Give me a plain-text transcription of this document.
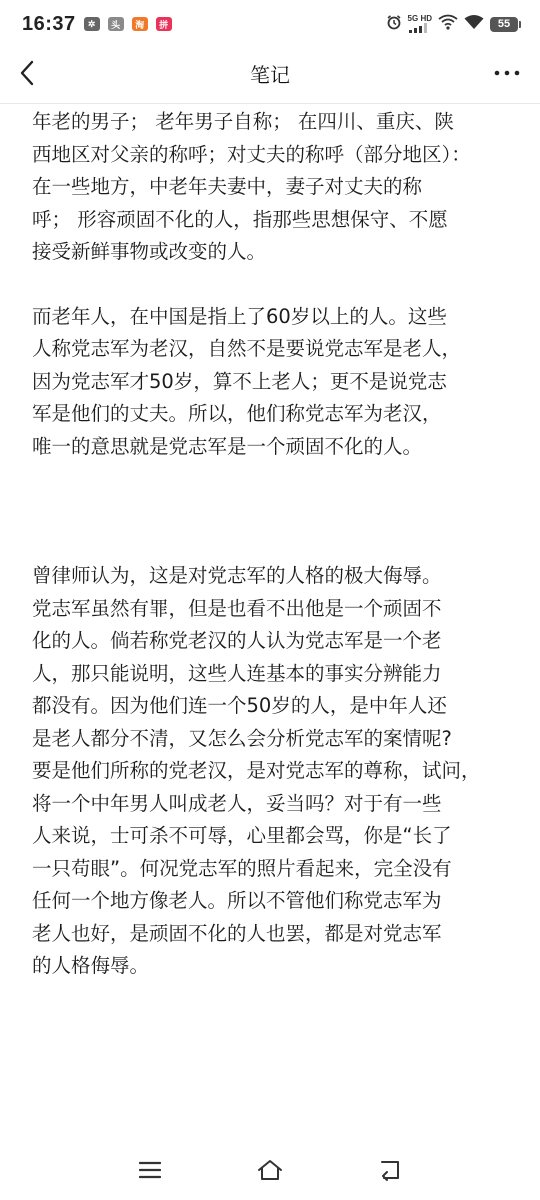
16:37	✲	头	淘	拼
5G HD	55
笔记

年老的男子； 老年男子自称； 在四川、重庆、陕
西地区对父亲的称呼；对丈夫的称呼（部分地区）：
在一些地方，中老年夫妻中，妻子对丈夫的称
呼； 形容顽固不化的人，指那些思想保守、不愿
接受新鲜事物或改变的人。

而老年人，在中国是指上了60岁以上的人。这些
人称党志军为老汉，自然不是要说党志军是老人，
因为党志军才50岁，算不上老人；更不是说党志
军是他们的丈夫。所以，他们称党志军为老汉，
唯一的意思就是党志军是一个顽固不化的人。

曾律师认为，这是对党志军的人格的极大侮辱。
党志军虽然有罪，但是也看不出他是一个顽固不
化的人。倘若称党老汉的人认为党志军是一个老
人，那只能说明，这些人连基本的事实分辨能力
都没有。因为他们连一个50岁的人，是中年人还
是老人都分不清，又怎么会分析党志军的案情呢?
要是他们所称的党老汉，是对党志军的尊称，试问，
将一个中年男人叫成老人，妥当吗？对于有一些
人来说，士可杀不可辱，心里都会骂，你是“长了
一只苟眼”。何况党志军的照片看起来，完全没有
任何一个地方像老人。所以不管他们称党志军为
老人也好，是顽固不化的人也罢，都是对党志军
的人格侮辱。
